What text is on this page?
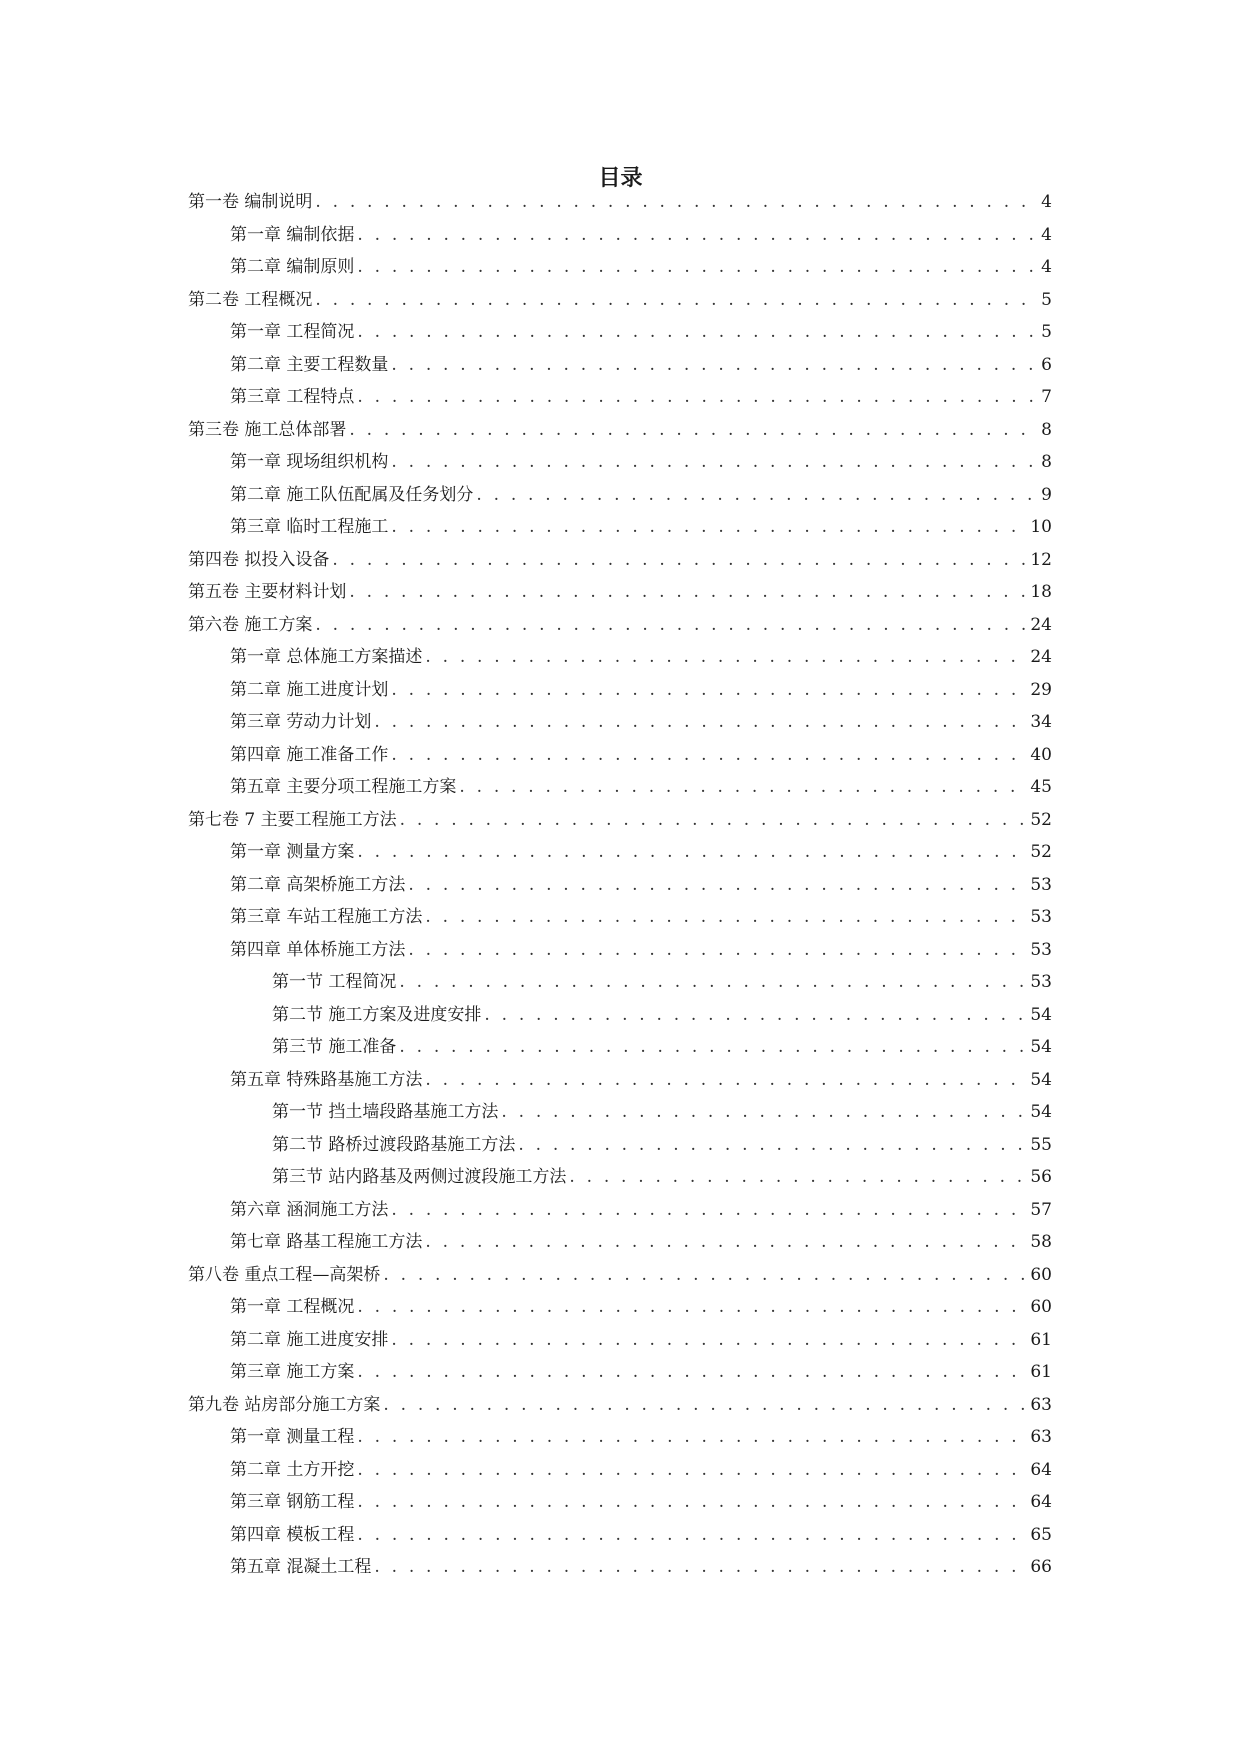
目录
第一卷 编制说明 . . .	4
第一章 编制依据 . . .	4
第二章 编制原则 . . .	4
第二卷 工程概况 . . .	5
第一章 工程简况 . . .	5
第二章 主要工程数量 . . .	6
第三章 工程特点 . . .	7
第三卷 施工总体部署 . . .	8
第一章 现场组织机构 . . .	8
第二章 施工队伍配属及任务划分 . . .	9
第三章 临时工程施工 . . .	10
第四卷 拟投入设备 . . .	12
第五卷 主要材料计划 . . .	18
第六卷 施工方案 . . .	24
第一章 总体施工方案描述 . . .	24
第二章 施工进度计划 . . .	29
第三章 劳动力计划 . . .	34
第四章 施工准备工作 . . .	40
第五章 主要分项工程施工方案 . . .	45
第七卷 7 主要工程施工方法 . . .	52
第一章 测量方案 . . .	52
第二章 高架桥施工方法 . . .	53
第三章 车站工程施工方法 . . .	53
第四章 单体桥施工方法 . . .	53
第一节 工程简况 . . .	53
第二节 施工方案及进度安排 . . .	54
第三节 施工准备 . . .	54
第五章 特殊路基施工方法 . . .	54
第一节 挡土墙段路基施工方法 . . .	54
第二节 路桥过渡段路基施工方法 . . .	55
第三节 站内路基及两侧过渡段施工方法 . . .	56
第六章 涵洞施工方法 . . .	57
第七章 路基工程施工方法 . . .	58
第八卷 重点工程—高架桥 . . .	60
第一章 工程概况 . . .	60
第二章 施工进度安排 . . .	61
第三章 施工方案 . . .	61
第九卷 站房部分施工方案 . . .	63
第一章 测量工程 . . .	63
第二章 土方开挖 . . .	64
第三章 钢筋工程 . . .	64
第四章 模板工程 . . .	65
第五章 混凝土工程 . . .	66
